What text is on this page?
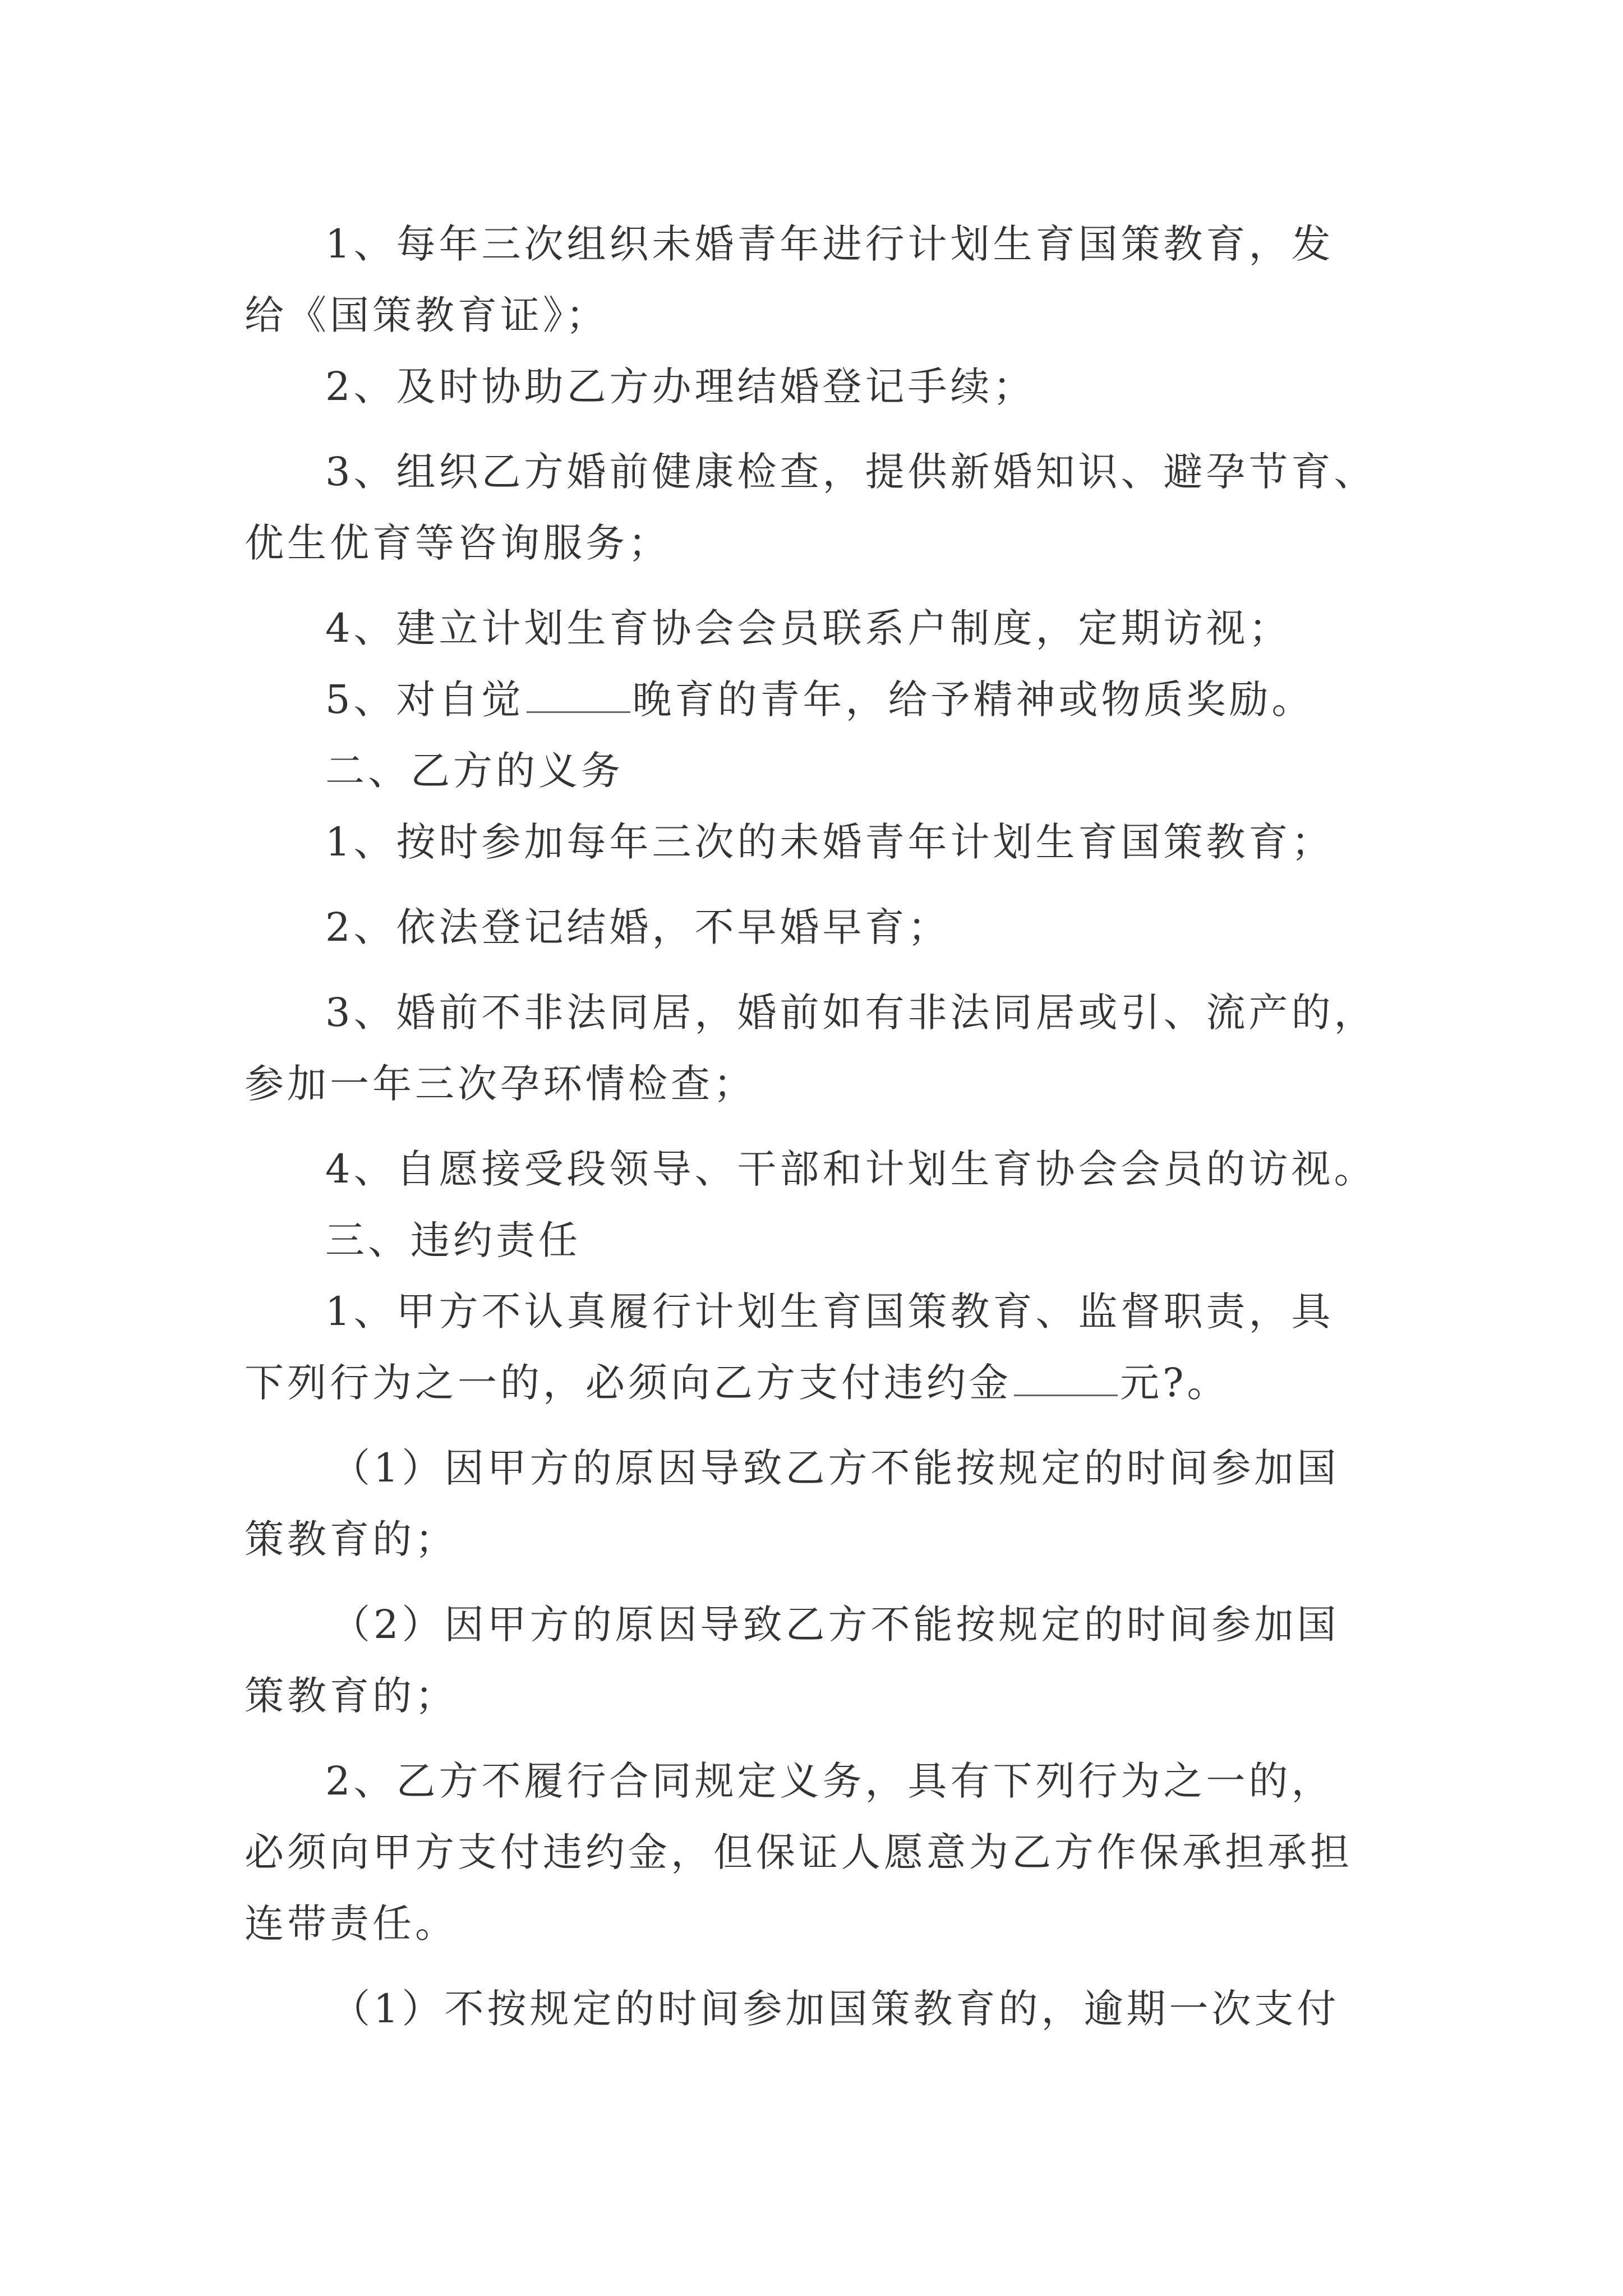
1、每年三次组织未婚青年进行计划生育国策教育，发

给《国策教育证》；

2、及时协助乙方办理结婚登记手续；

3、组织乙方婚前健康检查，提供新婚知识、避孕节育、

优生优育等咨询服务；

4、建立计划生育协会会员联系户制度，定期访视；

5、对自觉	晚育的青年，给予精神或物质奖励。

二、乙方的义务

1、按时参加每年三次的未婚青年计划生育国策教育；

2、依法登记结婚，不早婚早育；

3、婚前不非法同居，婚前如有非法同居或引、流产的，

参加一年三次孕环情检查；

4、自愿接受段领导、干部和计划生育协会会员的访视。

三、违约责任

1、甲方不认真履行计划生育国策教育、监督职责，具

下列行为之一的，必须向乙方支付违约金	元?。

（1）因甲方的原因导致乙方不能按规定的时间参加国

策教育的；

（2）因甲方的原因导致乙方不能按规定的时间参加国

策教育的；

2、乙方不履行合同规定义务，具有下列行为之一的，

必须向甲方支付违约金，但保证人愿意为乙方作保承担承担

连带责任。

（1）不按规定的时间参加国策教育的，逾期一次支付
